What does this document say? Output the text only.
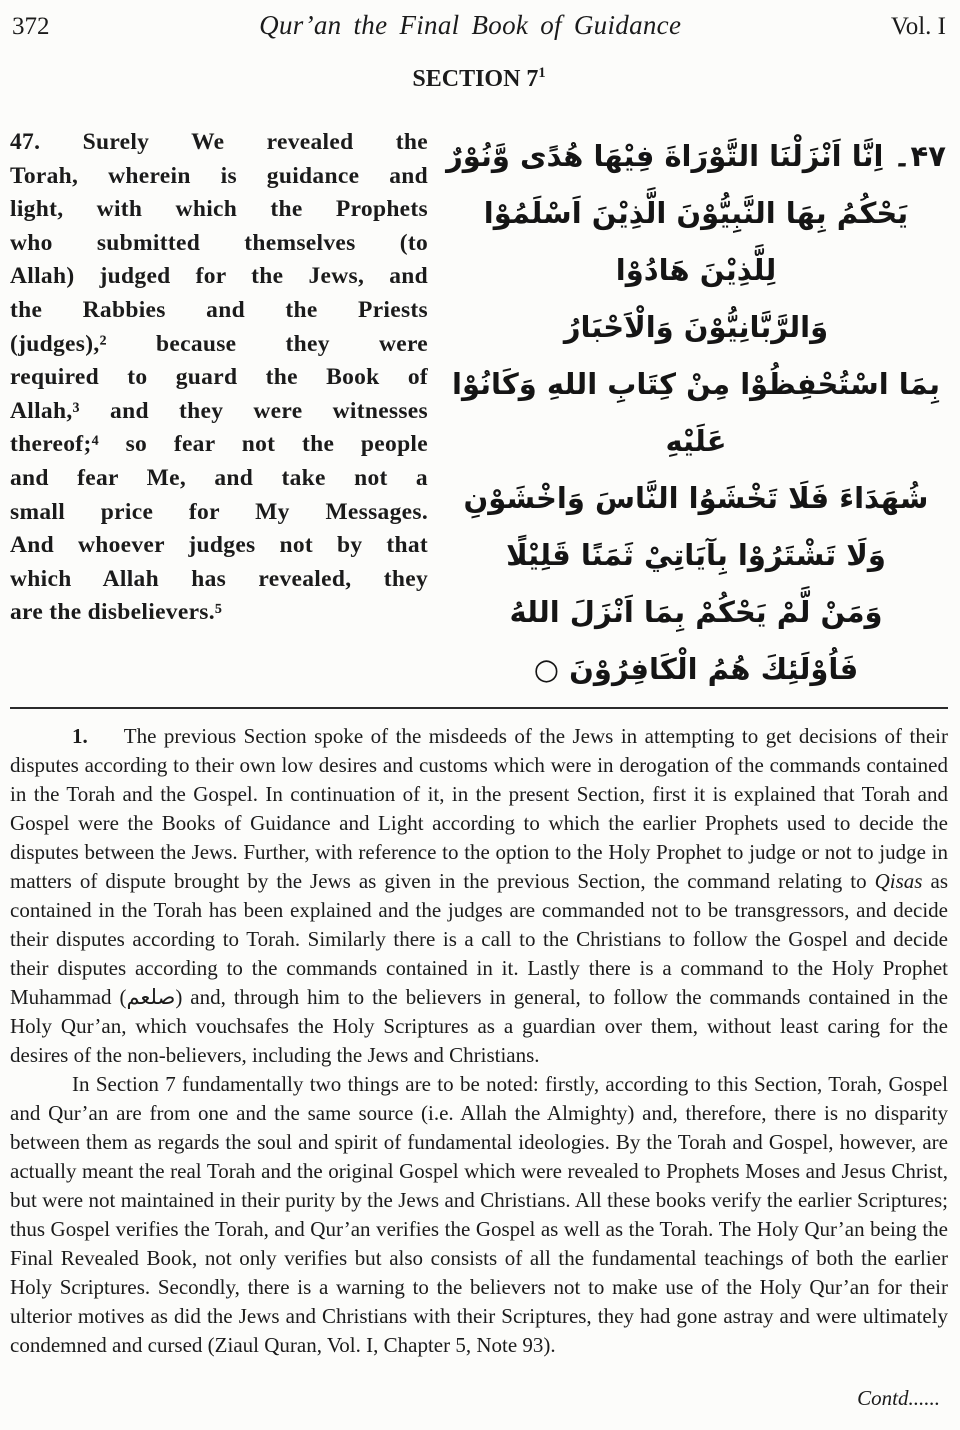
372	Qur’an the Final Book of Guidance	Vol. I
SECTION $7^1$
47. Surely We revealed the
Torah, wherein is guidance and
light, with which the Prophets
who submitted themselves (to
Allah) judged for the Jews, and
the Rabbies and the Priests
(judges),² because they were
required to guard the Book of
Allah,³ and they were witnesses
thereof;⁴ so fear not the people
and fear Me, and take not a
small price for My Messages.
And whoever judges not by that
which Allah has revealed, they
are the disbelievers.⁵
۴۷۔ اِنَّا اَنْزَلْنَا التَّوْرَاةَ فِيْهَا هُدًى وَّنُوْرٌ
يَحْكُمُ بِهَا النَّبِيُّوْنَ الَّذِيْنَ اَسْلَمُوْا
لِلَّذِيْنَ هَادُوْا
وَالرَّبَّانِيُّوْنَ وَالْاَحْبَارُ
بِمَا اسْتُحْفِظُوْا مِنْ كِتَابِ اللهِ وَكَانُوْا عَلَيْهِ
شُهَدَاءَ فَلَا تَخْشَوُا النَّاسَ وَاخْشَوْنِ
وَلَا تَشْتَرُوْا بِآيَاتِيْ ثَمَنًا قَلِيْلًا
وَمَنْ لَّمْ يَحْكُمْ بِمَا اَنْزَلَ اللهُ
فَاُوْلَئِكَ هُمُ الْكَافِرُوْنَ ○

1. The previous Section spoke of the misdeeds of the Jews in attempting to get decisions of their disputes according to their own low desires and customs which were in derogation of the commands contained in the Torah and the Gospel. In continuation of it, in the present Section, first it is explained that Torah and Gospel were the Books of Guidance and Light according to which the earlier Prophets used to decide the disputes between the Jews. Further, with reference to the option to the Holy Prophet to judge or not to judge in matters of dispute brought by the Jews as given in the previous Section, the command relating to Qisas as contained in the Torah has been explained and the judges are commanded not to be transgressors, and decide their disputes according to Torah. Similarly there is a call to the Christians to follow the Gospel and decide their disputes according to the commands contained in it. Lastly there is a command to the Holy Prophet Muhammad (صلعم) and, through him to the believers in general, to follow the commands contained in the Holy Qur’an, which vouchsafes the Holy Scriptures as a guardian over them, without least caring for the desires of the non-believers, including the Jews and Christians.

In Section 7 fundamentally two things are to be noted: firstly, according to this Section, Torah, Gospel and Qur’an are from one and the same source (i.e. Allah the Almighty) and, therefore, there is no disparity between them as regards the soul and spirit of fundamental ideologies. By the Torah and Gospel, however, are actually meant the real Torah and the original Gospel which were revealed to Prophets Moses and Jesus Christ, but were not maintained in their purity by the Jews and Christians. All these books verify the earlier Scriptures; thus Gospel verifies the Torah, and Qur’an verifies the Gospel as well as the Torah. The Holy Qur’an being the Final Revealed Book, not only verifies but also consists of all the fundamental teachings of both the earlier Holy Scriptures. Secondly, there is a warning to the believers not to make use of the Holy Qur’an for their ulterior motives as did the Jews and Christians with their Scriptures, they had gone astray and were ultimately condemned and cursed (Ziaul Quran, Vol. I, Chapter 5, Note 93).

Contd......
